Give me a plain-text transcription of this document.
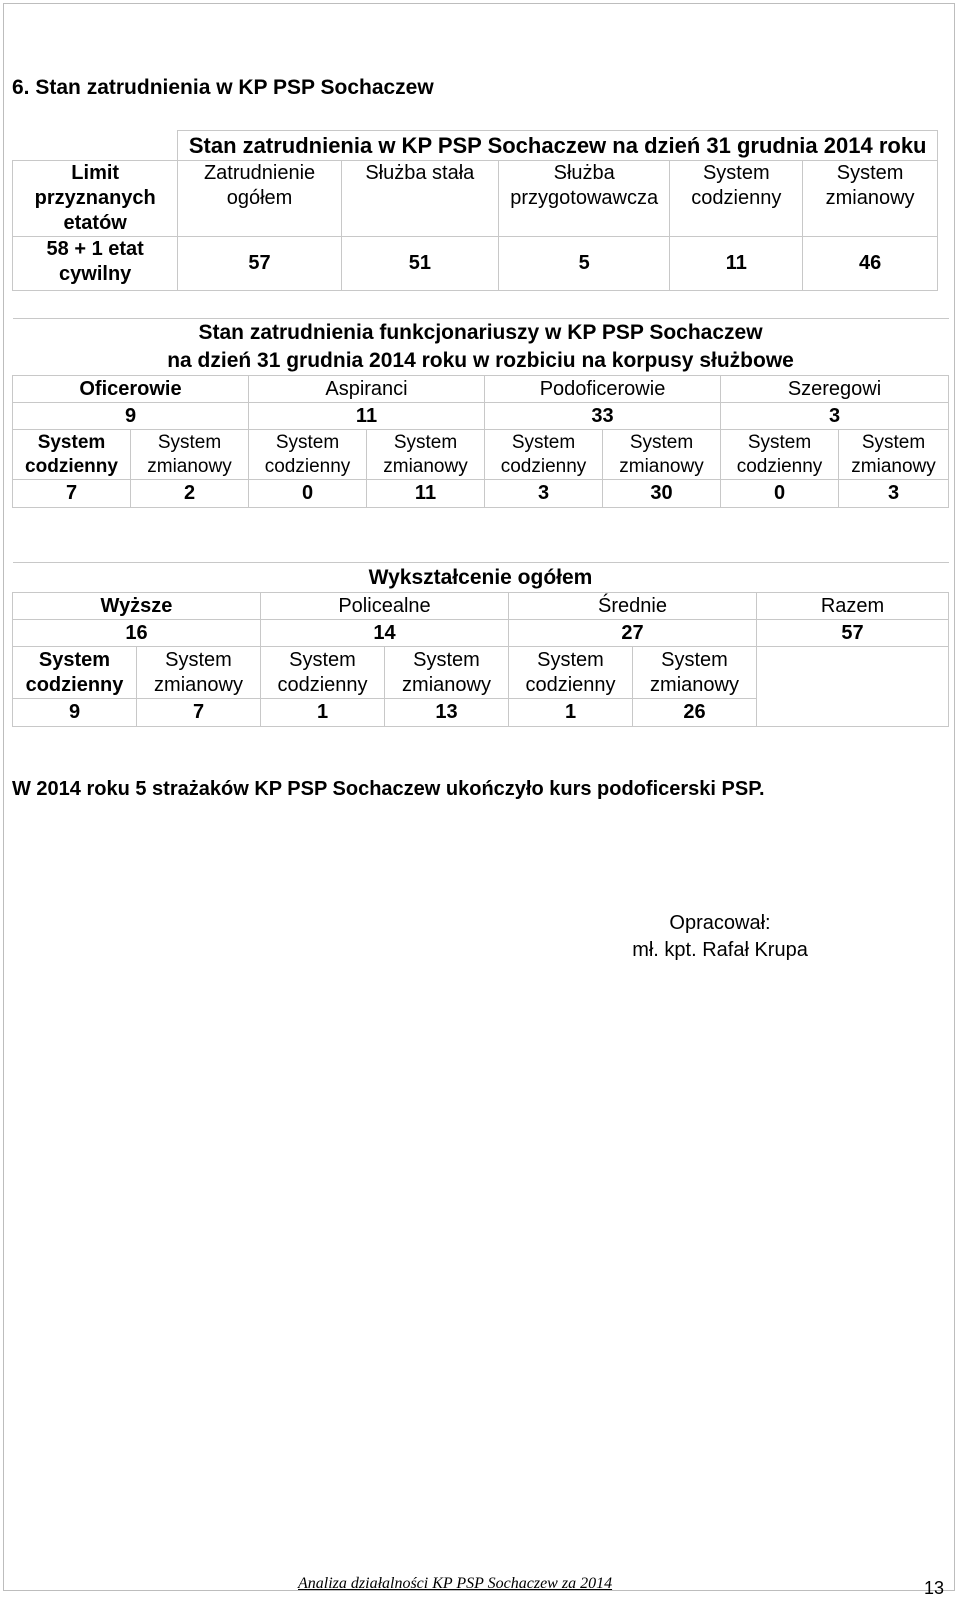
6. Stan zatrudnienia w KP PSP Sochaczew
	Stan zatrudnienia w KP PSP Sochaczew na dzień 31 grudnia 2014 roku				
Limit przyznanych etatów	Zatrudnienie ogółem	Służba stała	Służba przygotowawcza	System codzienny	System zmianowy
58 + 1 etat cywilny	57	51	5	11	46
Stan zatrudnienia funkcjonariuszy w KP PSP Sochaczew
na dzień 31 grudnia 2014 roku w rozbiciu na korpusy służbowe							

Oficerowie		Aspiranci		Podoficerowie		Szeregowi	
9		11		33		3	
System codzienny	System zmianowy	System codzienny	System zmianowy	System codzienny	System zmianowy	System codzienny	System zmianowy
7	2	0	11	3	30	0	3
Wykształcenie ogółem						
Wyższe		Policealne		Średnie		Razem
16		14		27		57
System codzienny	System zmianowy	System codzienny	System zmianowy	System codzienny	System zmianowy	
9	7	1	13	1	26	
W 2014 roku 5 strażaków KP PSP Sochaczew ukończyło kurs podoficerski PSP.
Opracował:
mł. kpt. Rafał Krupa
Analiza działalności KP PSP Sochaczew za 2014	13
